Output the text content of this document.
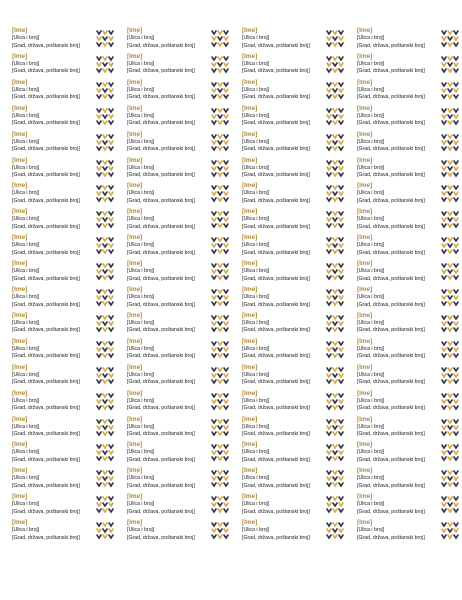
[Ime]
[Ulica i broj]
[Grad, država, poštanski broj]
[Ime]
[Ulica i broj]
[Grad, država, poštanski broj]
[Ime]
[Ulica i broj]
[Grad, država, poštanski broj]
[Ime]
[Ulica i broj]
[Grad, država, poštanski broj]
[Ime]
[Ulica i broj]
[Grad, država, poštanski broj]
[Ime]
[Ulica i broj]
[Grad, država, poštanski broj]
[Ime]
[Ulica i broj]
[Grad, država, poštanski broj]
[Ime]
[Ulica i broj]
[Grad, država, poštanski broj]
[Ime]
[Ulica i broj]
[Grad, država, poštanski broj]
[Ime]
[Ulica i broj]
[Grad, država, poštanski broj]
[Ime]
[Ulica i broj]
[Grad, država, poštanski broj]
[Ime]
[Ulica i broj]
[Grad, država, poštanski broj]
[Ime]
[Ulica i broj]
[Grad, država, poštanski broj]
[Ime]
[Ulica i broj]
[Grad, država, poštanski broj]
[Ime]
[Ulica i broj]
[Grad, država, poštanski broj]
[Ime]
[Ulica i broj]
[Grad, država, poštanski broj]
[Ime]
[Ulica i broj]
[Grad, država, poštanski broj]
[Ime]
[Ulica i broj]
[Grad, država, poštanski broj]
[Ime]
[Ulica i broj]
[Grad, država, poštanski broj]
[Ime]
[Ulica i broj]
[Grad, država, poštanski broj]
[Ime]
[Ulica i broj]
[Grad, država, poštanski broj]
[Ime]
[Ulica i broj]
[Grad, država, poštanski broj]
[Ime]
[Ulica i broj]
[Grad, država, poštanski broj]
[Ime]
[Ulica i broj]
[Grad, država, poštanski broj]
[Ime]
[Ulica i broj]
[Grad, država, poštanski broj]
[Ime]
[Ulica i broj]
[Grad, država, poštanski broj]
[Ime]
[Ulica i broj]
[Grad, država, poštanski broj]
[Ime]
[Ulica i broj]
[Grad, država, poštanski broj]
[Ime]
[Ulica i broj]
[Grad, država, poštanski broj]
[Ime]
[Ulica i broj]
[Grad, država, poštanski broj]
[Ime]
[Ulica i broj]
[Grad, država, poštanski broj]
[Ime]
[Ulica i broj]
[Grad, država, poštanski broj]
[Ime]
[Ulica i broj]
[Grad, država, poštanski broj]
[Ime]
[Ulica i broj]
[Grad, država, poštanski broj]
[Ime]
[Ulica i broj]
[Grad, država, poštanski broj]
[Ime]
[Ulica i broj]
[Grad, država, poštanski broj]
[Ime]
[Ulica i broj]
[Grad, država, poštanski broj]
[Ime]
[Ulica i broj]
[Grad, država, poštanski broj]
[Ime]
[Ulica i broj]
[Grad, država, poštanski broj]
[Ime]
[Ulica i broj]
[Grad, država, poštanski broj]
[Ime]
[Ulica i broj]
[Grad, država, poštanski broj]
[Ime]
[Ulica i broj]
[Grad, država, poštanski broj]
[Ime]
[Ulica i broj]
[Grad, država, poštanski broj]
[Ime]
[Ulica i broj]
[Grad, država, poštanski broj]
[Ime]
[Ulica i broj]
[Grad, država, poštanski broj]
[Ime]
[Ulica i broj]
[Grad, država, poštanski broj]
[Ime]
[Ulica i broj]
[Grad, država, poštanski broj]
[Ime]
[Ulica i broj]
[Grad, država, poštanski broj]
[Ime]
[Ulica i broj]
[Grad, država, poštanski broj]
[Ime]
[Ulica i broj]
[Grad, država, poštanski broj]
[Ime]
[Ulica i broj]
[Grad, država, poštanski broj]
[Ime]
[Ulica i broj]
[Grad, država, poštanski broj]
[Ime]
[Ulica i broj]
[Grad, država, poštanski broj]
[Ime]
[Ulica i broj]
[Grad, država, poštanski broj]
[Ime]
[Ulica i broj]
[Grad, država, poštanski broj]
[Ime]
[Ulica i broj]
[Grad, država, poštanski broj]
[Ime]
[Ulica i broj]
[Grad, država, poštanski broj]
[Ime]
[Ulica i broj]
[Grad, država, poštanski broj]
[Ime]
[Ulica i broj]
[Grad, država, poštanski broj]
[Ime]
[Ulica i broj]
[Grad, država, poštanski broj]
[Ime]
[Ulica i broj]
[Grad, država, poštanski broj]
[Ime]
[Ulica i broj]
[Grad, država, poštanski broj]
[Ime]
[Ulica i broj]
[Grad, država, poštanski broj]
[Ime]
[Ulica i broj]
[Grad, država, poštanski broj]
[Ime]
[Ulica i broj]
[Grad, država, poštanski broj]
[Ime]
[Ulica i broj]
[Grad, država, poštanski broj]
[Ime]
[Ulica i broj]
[Grad, država, poštanski broj]
[Ime]
[Ulica i broj]
[Grad, država, poštanski broj]
[Ime]
[Ulica i broj]
[Grad, država, poštanski broj]
[Ime]
[Ulica i broj]
[Grad, država, poštanski broj]
[Ime]
[Ulica i broj]
[Grad, država, poštanski broj]
[Ime]
[Ulica i broj]
[Grad, država, poštanski broj]
[Ime]
[Ulica i broj]
[Grad, država, poštanski broj]
[Ime]
[Ulica i broj]
[Grad, država, poštanski broj]
[Ime]
[Ulica i broj]
[Grad, država, poštanski broj]
[Ime]
[Ulica i broj]
[Grad, država, poštanski broj]
[Ime]
[Ulica i broj]
[Grad, država, poštanski broj]
[Ime]
[Ulica i broj]
[Grad, država, poštanski broj]
[Ime]
[Ulica i broj]
[Grad, država, poštanski broj]
[Ime]
[Ulica i broj]
[Grad, država, poštanski broj]
